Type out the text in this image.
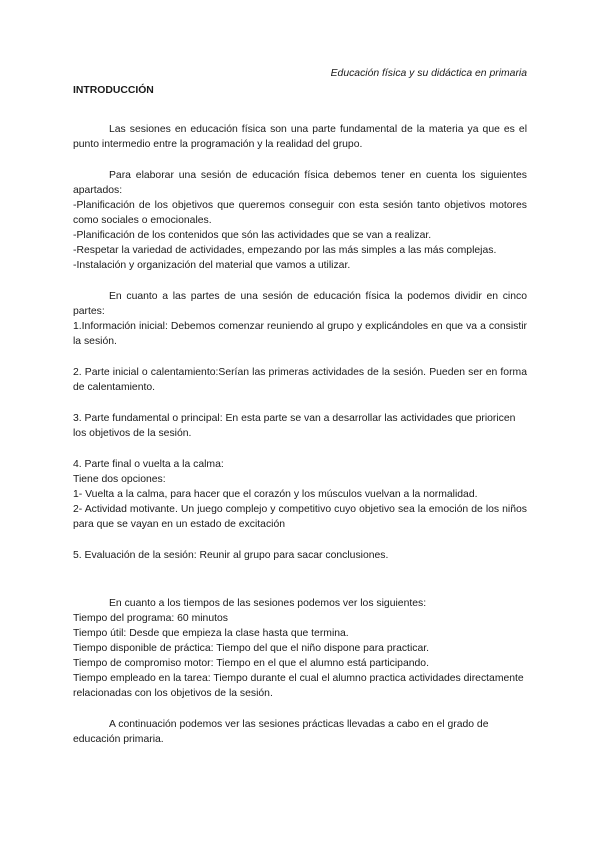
Educación física y su didáctica en primaria
INTRODUCCIÓN

Las sesiones en educación física son una parte fundamental de la materia ya que es el punto intermedio entre la programación y la realidad del grupo.

Para elaborar una sesión de educación física debemos tener en cuenta los siguientes apartados:

-Planificación de los objetivos que queremos conseguir con esta sesión tanto objetivos motores como sociales o emocionales.

-Planificación de los contenidos que són las actividades que se van a realizar.

-Respetar la variedad de actividades, empezando por las más simples a las más complejas.

-Instalación y organización del material que vamos a utilizar.

En cuanto a las partes de una sesión de educación física la podemos dividir en cinco partes:

1.Información inicial: Debemos comenzar reuniendo al grupo y explicándoles en que va a consistir la sesión.

2. Parte inicial o calentamiento:Serían las primeras actividades de la sesión. Pueden ser en forma de calentamiento.

3. Parte fundamental o principal: En esta parte se van a desarrollar las actividades que prioricen los objetivos de la sesión.

4. Parte final o vuelta a la calma:

Tiene dos opciones:

1- Vuelta a la calma, para hacer que el corazón y los músculos vuelvan a la normalidad.

2- Actividad motivante. Un juego complejo y competitivo cuyo objetivo sea la emoción de los niños para que se vayan en un estado de excitación

5. Evaluación de la sesión: Reunir al grupo para sacar conclusiones.

En cuanto a los tiempos de las sesiones podemos ver los siguientes:

Tiempo del programa: 60 minutos

Tiempo útil: Desde que empieza la clase hasta que termina.

Tiempo disponible de práctica: Tiempo del que el niño dispone para practicar.

Tiempo de compromiso motor: Tiempo en el que el alumno está participando.

Tiempo empleado en la tarea: Tiempo durante el cual el alumno practica actividades directamente relacionadas con los objetivos de la sesión.

A continuación podemos ver las sesiones prácticas llevadas a cabo en el grado de educación primaria.
